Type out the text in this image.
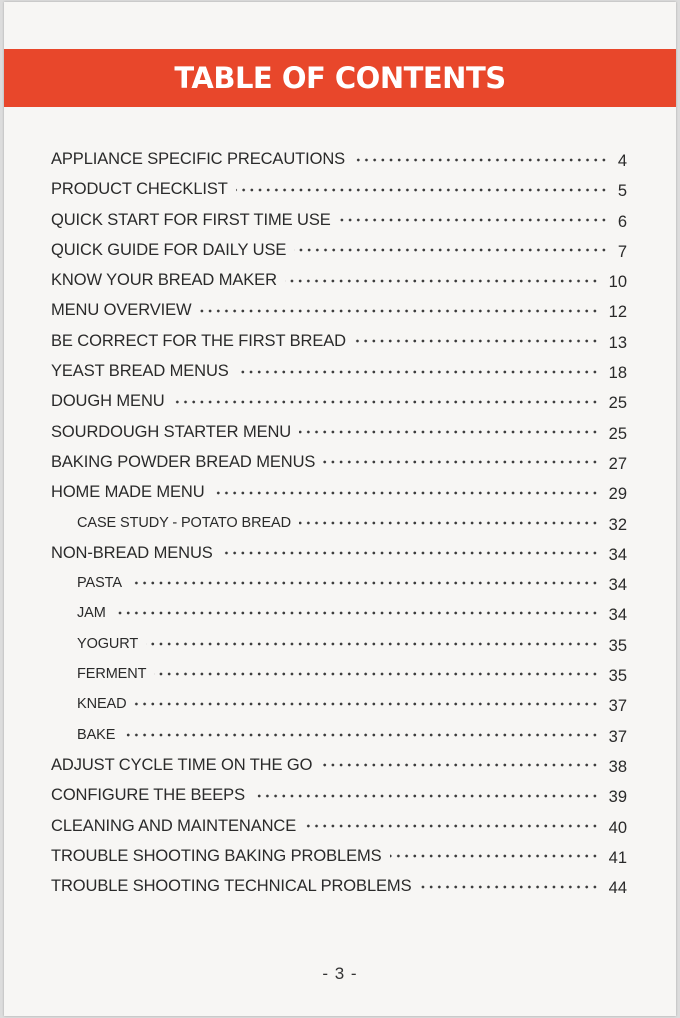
TABLE OF CONTENTS
APPLIANCE SPECIFIC PRECAUTIONS	4
PRODUCT CHECKLIST	5
QUICK START FOR FIRST TIME USE	6
QUICK GUIDE FOR DAILY USE	7
KNOW YOUR BREAD MAKER	10
MENU OVERVIEW	12
BE CORRECT FOR THE FIRST BREAD	13
YEAST BREAD MENUS	18
DOUGH MENU	25
SOURDOUGH STARTER MENU	25
BAKING POWDER BREAD MENUS	27
HOME MADE MENU	29
CASE STUDY - POTATO BREAD	32
NON-BREAD MENUS	34
PASTA	34
JAM	34
YOGURT	35
FERMENT	35
KNEAD	37
BAKE	37
ADJUST CYCLE TIME ON THE GO	38
CONFIGURE THE BEEPS	39
CLEANING AND MAINTENANCE	40
TROUBLE SHOOTING BAKING PROBLEMS	41
TROUBLE SHOOTING TECHNICAL PROBLEMS	44
- 3 -
